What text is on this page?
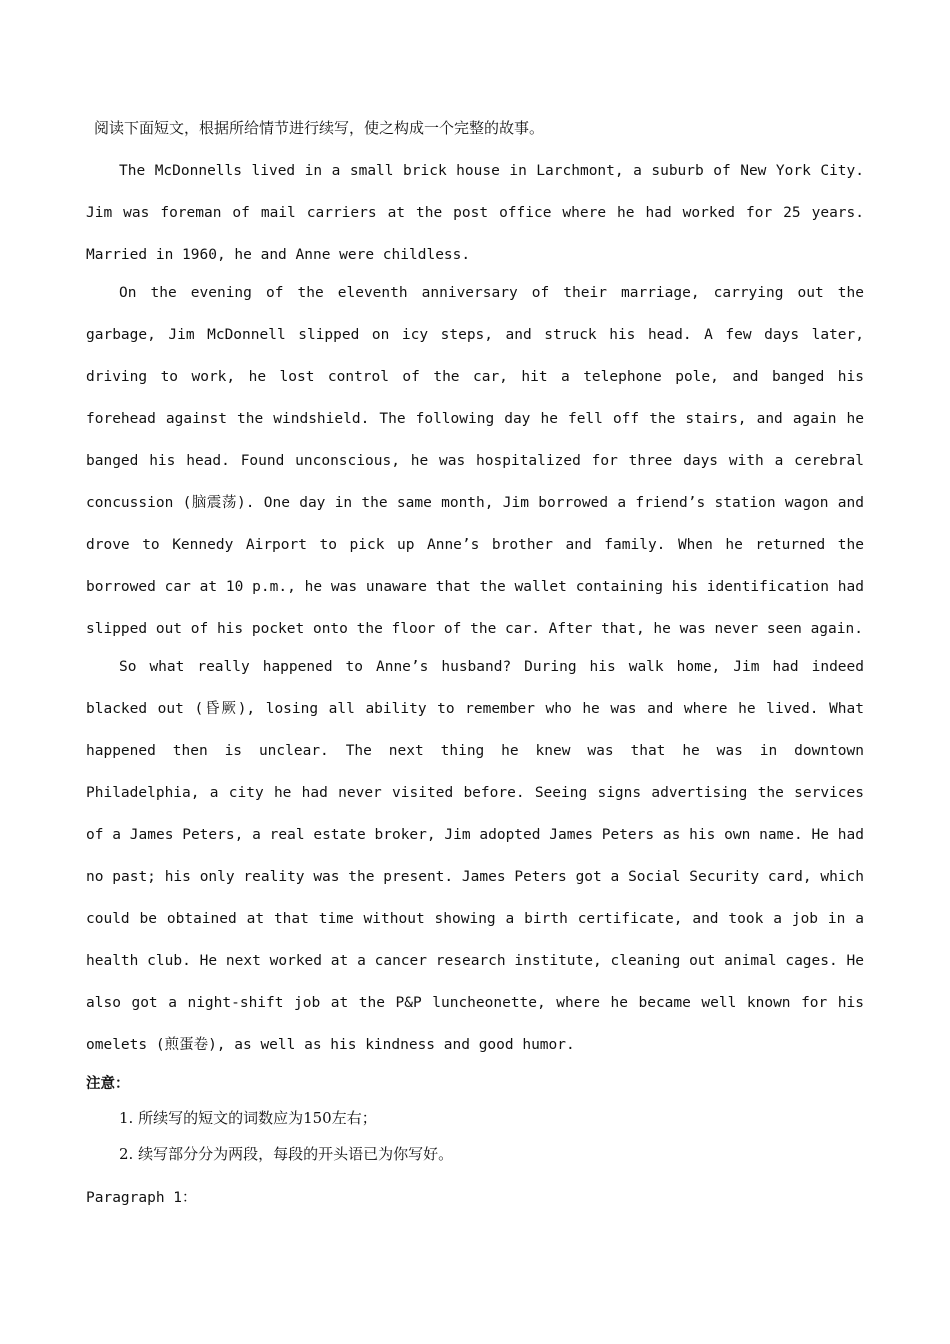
阅读下面短文，根据所给情节进行续写，使之构成一个完整的故事。

The McDonnells lived in a small brick house in Larchmont, a suburb of New York City. Jim was foreman of mail carriers at the post office where he had worked for 25 years. Married in 1960, he and Anne were childless.

On the evening of the eleventh anniversary of their marriage, carrying out the garbage, Jim McDonnell slipped on icy steps, and struck his head. A few days later, driving to work, he lost control of the car, hit a telephone pole, and banged his forehead against the windshield. The following day he fell off the stairs, and again he banged his head. Found unconscious, he was hospitalized for three days with a cerebral concussion (脑震荡). One day in the same month, Jim borrowed a friend’s station wagon and drove to Kennedy Airport to pick up Anne’s brother and family. When he returned the borrowed car at 10 p.m., he was unaware that the wallet containing his identification had slipped out of his pocket onto the floor of the car. After that, he was never seen again.

So what really happened to Anne’s husband? During his walk home, Jim had indeed blacked out (昏厥), losing all ability to remember who he was and where he lived. What happened then is unclear. The next thing he knew was that he was in downtown Philadelphia, a city he had never visited before. Seeing signs advertising the services of a James Peters, a real estate broker, Jim adopted James Peters as his own name. He had no past; his only reality was the present. James Peters got a Social Security card, which could be obtained at that time without showing a birth certificate, and took a job in a health club. He next worked at a cancer research institute, cleaning out animal cages. He also got a night-shift job at the P&P luncheonette, where he became well known for his omelets (煎蛋卷), as well as his kindness and good humor.

注意：

1. 所续写的短文的词数应为150左右；

2. 续写部分分为两段，每段的开头语已为你写好。

Paragraph 1：
